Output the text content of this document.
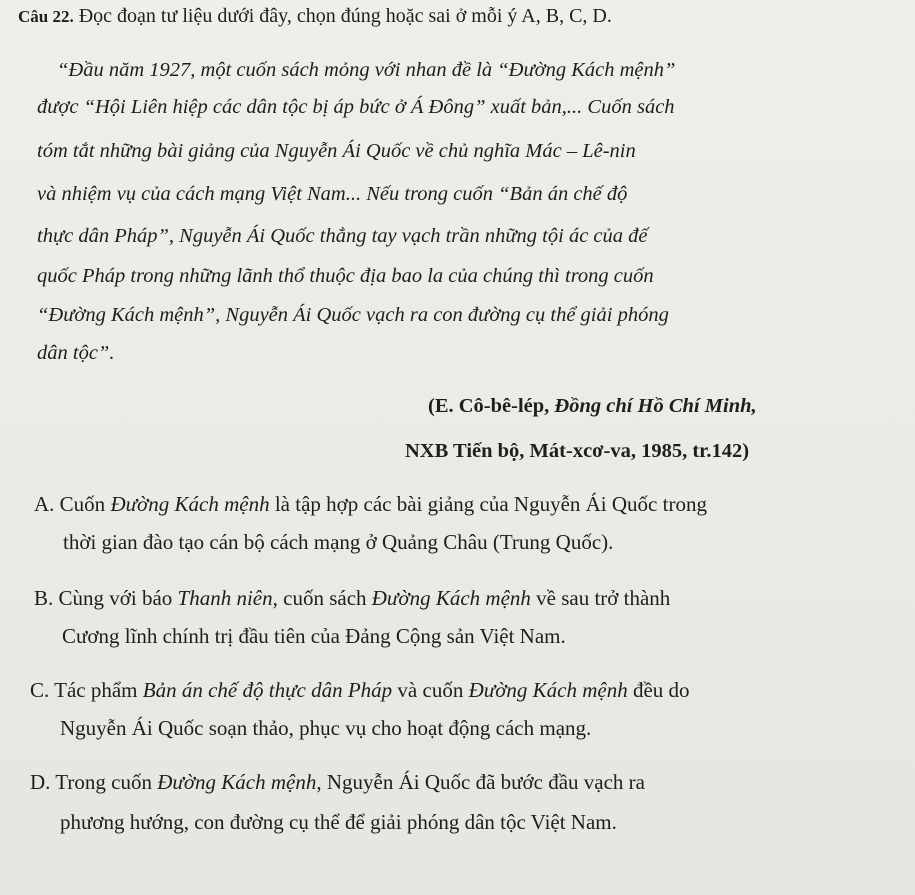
Câu 22. Đọc đoạn tư liệu dưới đây, chọn đúng hoặc sai ở mỗi ý A, B, C, D.
“Đầu năm 1927, một cuốn sách mỏng với nhan đề là “Đường Kách mệnh”
được “Hội Liên hiệp các dân tộc bị áp bức ở Á Đông” xuất bản,... Cuốn sách
tóm tắt những bài giảng của Nguyễn Ái Quốc về chủ nghĩa Mác – Lê-nin
và nhiệm vụ của cách mạng Việt Nam... Nếu trong cuốn “Bản án chế độ
thực dân Pháp”, Nguyễn Ái Quốc thẳng tay vạch trần những tội ác của đế
quốc Pháp trong những lãnh thổ thuộc địa bao la của chúng thì trong cuốn
“Đường Kách mệnh”, Nguyễn Ái Quốc vạch ra con đường cụ thể giải phóng
dân tộc”.
(E. Cô-bê-lép, Đồng chí Hồ Chí Minh,
NXB Tiến bộ, Mát-xcơ-va, 1985, tr.142)
A. Cuốn Đường Kách mệnh là tập hợp các bài giảng của Nguyễn Ái Quốc trong
thời gian đào tạo cán bộ cách mạng ở Quảng Châu (Trung Quốc).
B. Cùng với báo Thanh niên, cuốn sách Đường Kách mệnh về sau trở thành
Cương lĩnh chính trị đầu tiên của Đảng Cộng sản Việt Nam.
C. Tác phẩm Bản án chế độ thực dân Pháp và cuốn Đường Kách mệnh đều do
Nguyễn Ái Quốc soạn thảo, phục vụ cho hoạt động cách mạng.
D. Trong cuốn Đường Kách mệnh, Nguyễn Ái Quốc đã bước đầu vạch ra
phương hướng, con đường cụ thể để giải phóng dân tộc Việt Nam.
